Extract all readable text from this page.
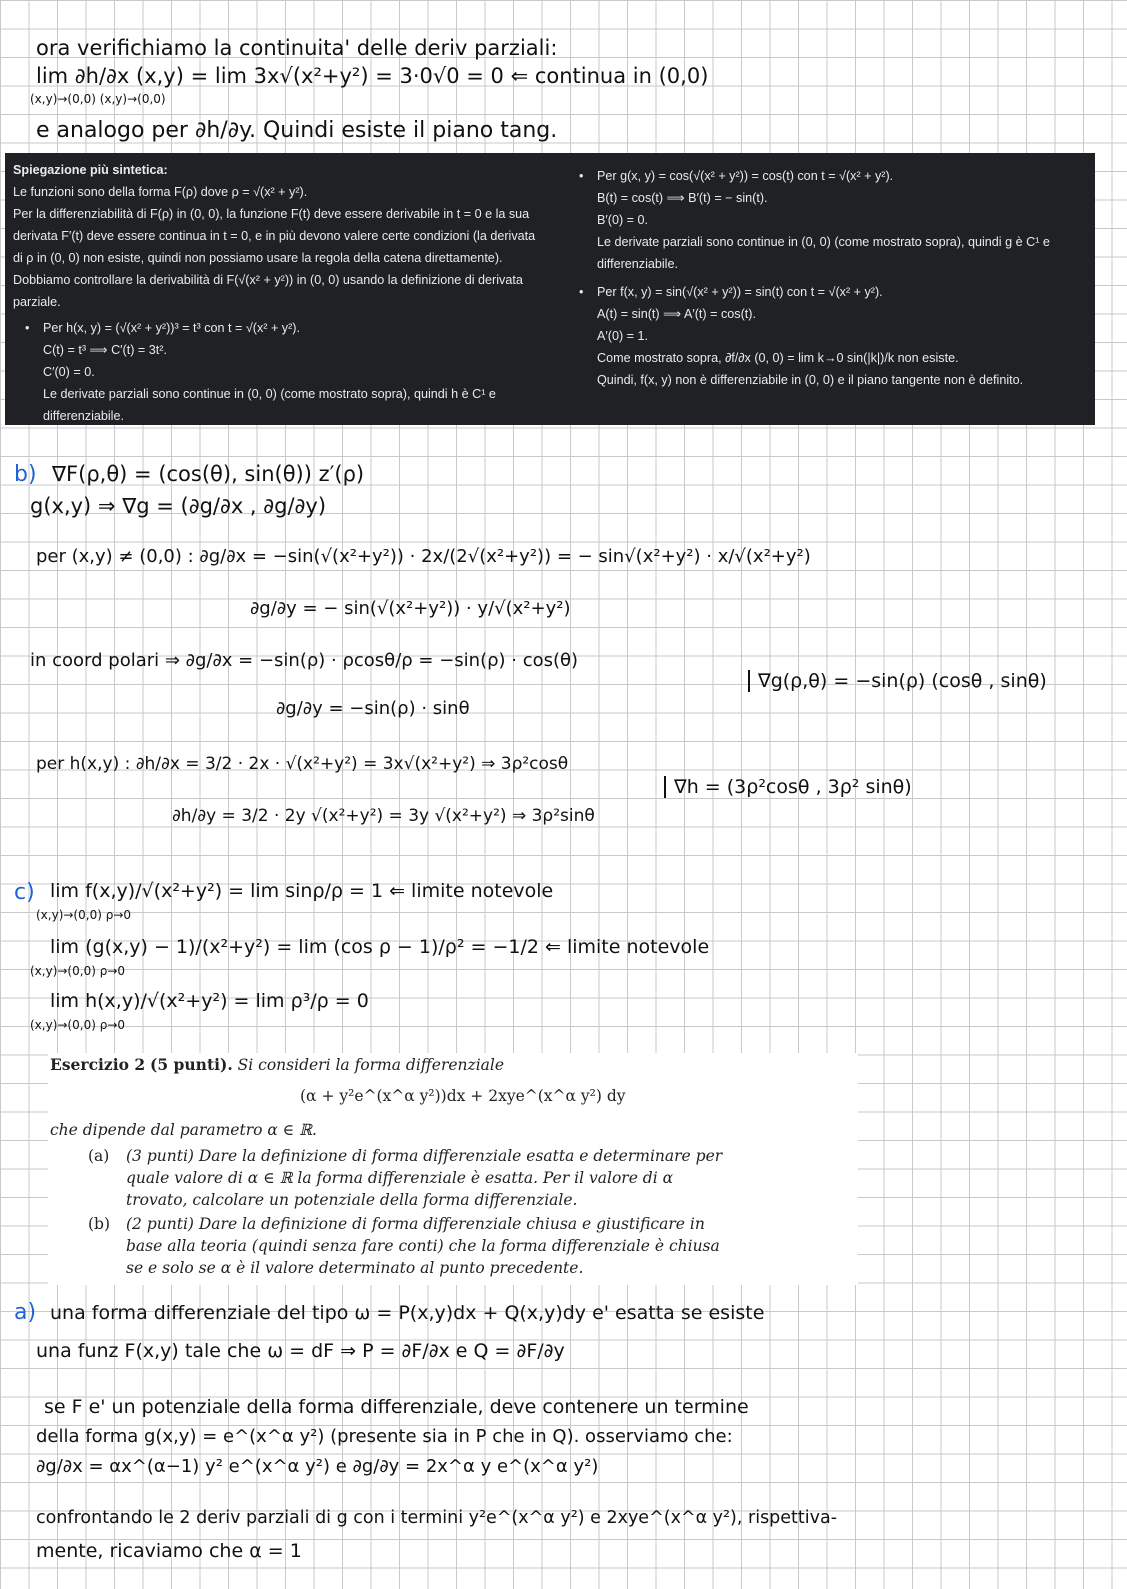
ora verifichiamo la continuita' delle deriv parziali:
lim ∂h/∂x (x,y) = lim 3x√(x²+y²) = 3·0√0 = 0 ⇐ continua in (0,0)
(x,y)→(0,0) (x,y)→(0,0)
e analogo per ∂h/∂y. Quindi esiste il piano tang.
Spiegazione più sintetica:
Le funzioni sono della forma F(ρ) dove ρ = √(x² + y²).
Per la differenziabilità di F(ρ) in (0, 0), la funzione F(t) deve essere derivabile in t = 0 e la sua
derivata F′(t) deve essere continua in t = 0, e in più devono valere certe condizioni (la derivata
di ρ in (0, 0) non esiste, quindi non possiamo usare la regola della catena direttamente).
Dobbiamo controllare la derivabilità di F(√(x² + y²)) in (0, 0) usando la definizione di derivata
parziale.
• Per h(x, y) = (√(x² + y²))³ = t³ con t = √(x² + y²).
C(t) = t³ ⟹ C′(t) = 3t².
C′(0) = 0.
Le derivate parziali sono continue in (0, 0) (come mostrato sopra), quindi h è C¹ e
differenziabile.
• Per g(x, y) = cos(√(x² + y²)) = cos(t) con t = √(x² + y²).
B(t) = cos(t) ⟹ B′(t) = − sin(t).
B′(0) = 0.
Le derivate parziali sono continue in (0, 0) (come mostrato sopra), quindi g è C¹ e
differenziabile.
• Per f(x, y) = sin(√(x² + y²)) = sin(t) con t = √(x² + y²).
A(t) = sin(t) ⟹ A′(t) = cos(t).
A′(0) = 1.
Come mostrato sopra, ∂f/∂x (0, 0) = lim k→0 sin(|k|)/k non esiste.
Quindi, f(x, y) non è differenziabile in (0, 0) e il piano tangente non è definito.
b) ∇F(ρ,θ) = (cos(θ), sin(θ)) z′(ρ)
g(x,y) ⇒ ∇g = (∂g/∂x , ∂g/∂y)
per (x,y) ≠ (0,0) : ∂g/∂x = −sin(√(x²+y²)) · 2x/(2√(x²+y²)) = − sin√(x²+y²) · x/√(x²+y²)
∂g/∂y = − sin(√(x²+y²)) · y/√(x²+y²)
in coord polari ⇒ ∂g/∂x = −sin(ρ) · ρcosθ/ρ = −sin(ρ) · cos(θ)
∂g/∂y = −sin(ρ) · sinθ
∇g(ρ,θ) = −sin(ρ) (cosθ , sinθ)
per h(x,y) : ∂h/∂x = 3/2 · 2x · √(x²+y²) = 3x√(x²+y²) ⇒ 3ρ²cosθ
∂h/∂y = 3/2 · 2y √(x²+y²) = 3y √(x²+y²) ⇒ 3ρ²sinθ
∇h = (3ρ²cosθ , 3ρ² sinθ)
c) lim f(x,y)/√(x²+y²) = lim sinρ/ρ = 1 ⇐ limite notevole
(x,y)→(0,0) ρ→0
lim (g(x,y) − 1)/(x²+y²) = lim (cos ρ − 1)/ρ² = −1/2 ⇐ limite notevole
(x,y)→(0,0) ρ→0
lim h(x,y)/√(x²+y²) = lim ρ³/ρ = 0
(x,y)→(0,0) ρ→0
Esercizio 2 (5 punti). Si consideri la forma differenziale
(α + y²e^(x^α y²))dx + 2xye^(x^α y²) dy
che dipende dal parametro α ∈ ℝ.
(a) (3 punti) Dare la definizione di forma differenziale esatta e determinare per
quale valore di α ∈ ℝ la forma differenziale è esatta. Per il valore di α
trovato, calcolare un potenziale della forma differenziale.
(b) (2 punti) Dare la definizione di forma differenziale chiusa e giustificare in
base alla teoria (quindi senza fare conti) che la forma differenziale è chiusa
se e solo se α è il valore determinato al punto precedente.
a) una forma differenziale del tipo ω = P(x,y)dx + Q(x,y)dy e' esatta se esiste
una funz F(x,y) tale che ω = dF ⇒ P = ∂F/∂x e Q = ∂F/∂y
se F e' un potenziale della forma differenziale, deve contenere un termine
della forma g(x,y) = e^(x^α y²) (presente sia in P che in Q). osserviamo che:
∂g/∂x = αx^(α−1) y² e^(x^α y²) e ∂g/∂y = 2x^α y e^(x^α y²)
confrontando le 2 deriv parziali di g con i termini y²e^(x^α y²) e 2xye^(x^α y²), rispettiva-
mente, ricaviamo che α = 1
